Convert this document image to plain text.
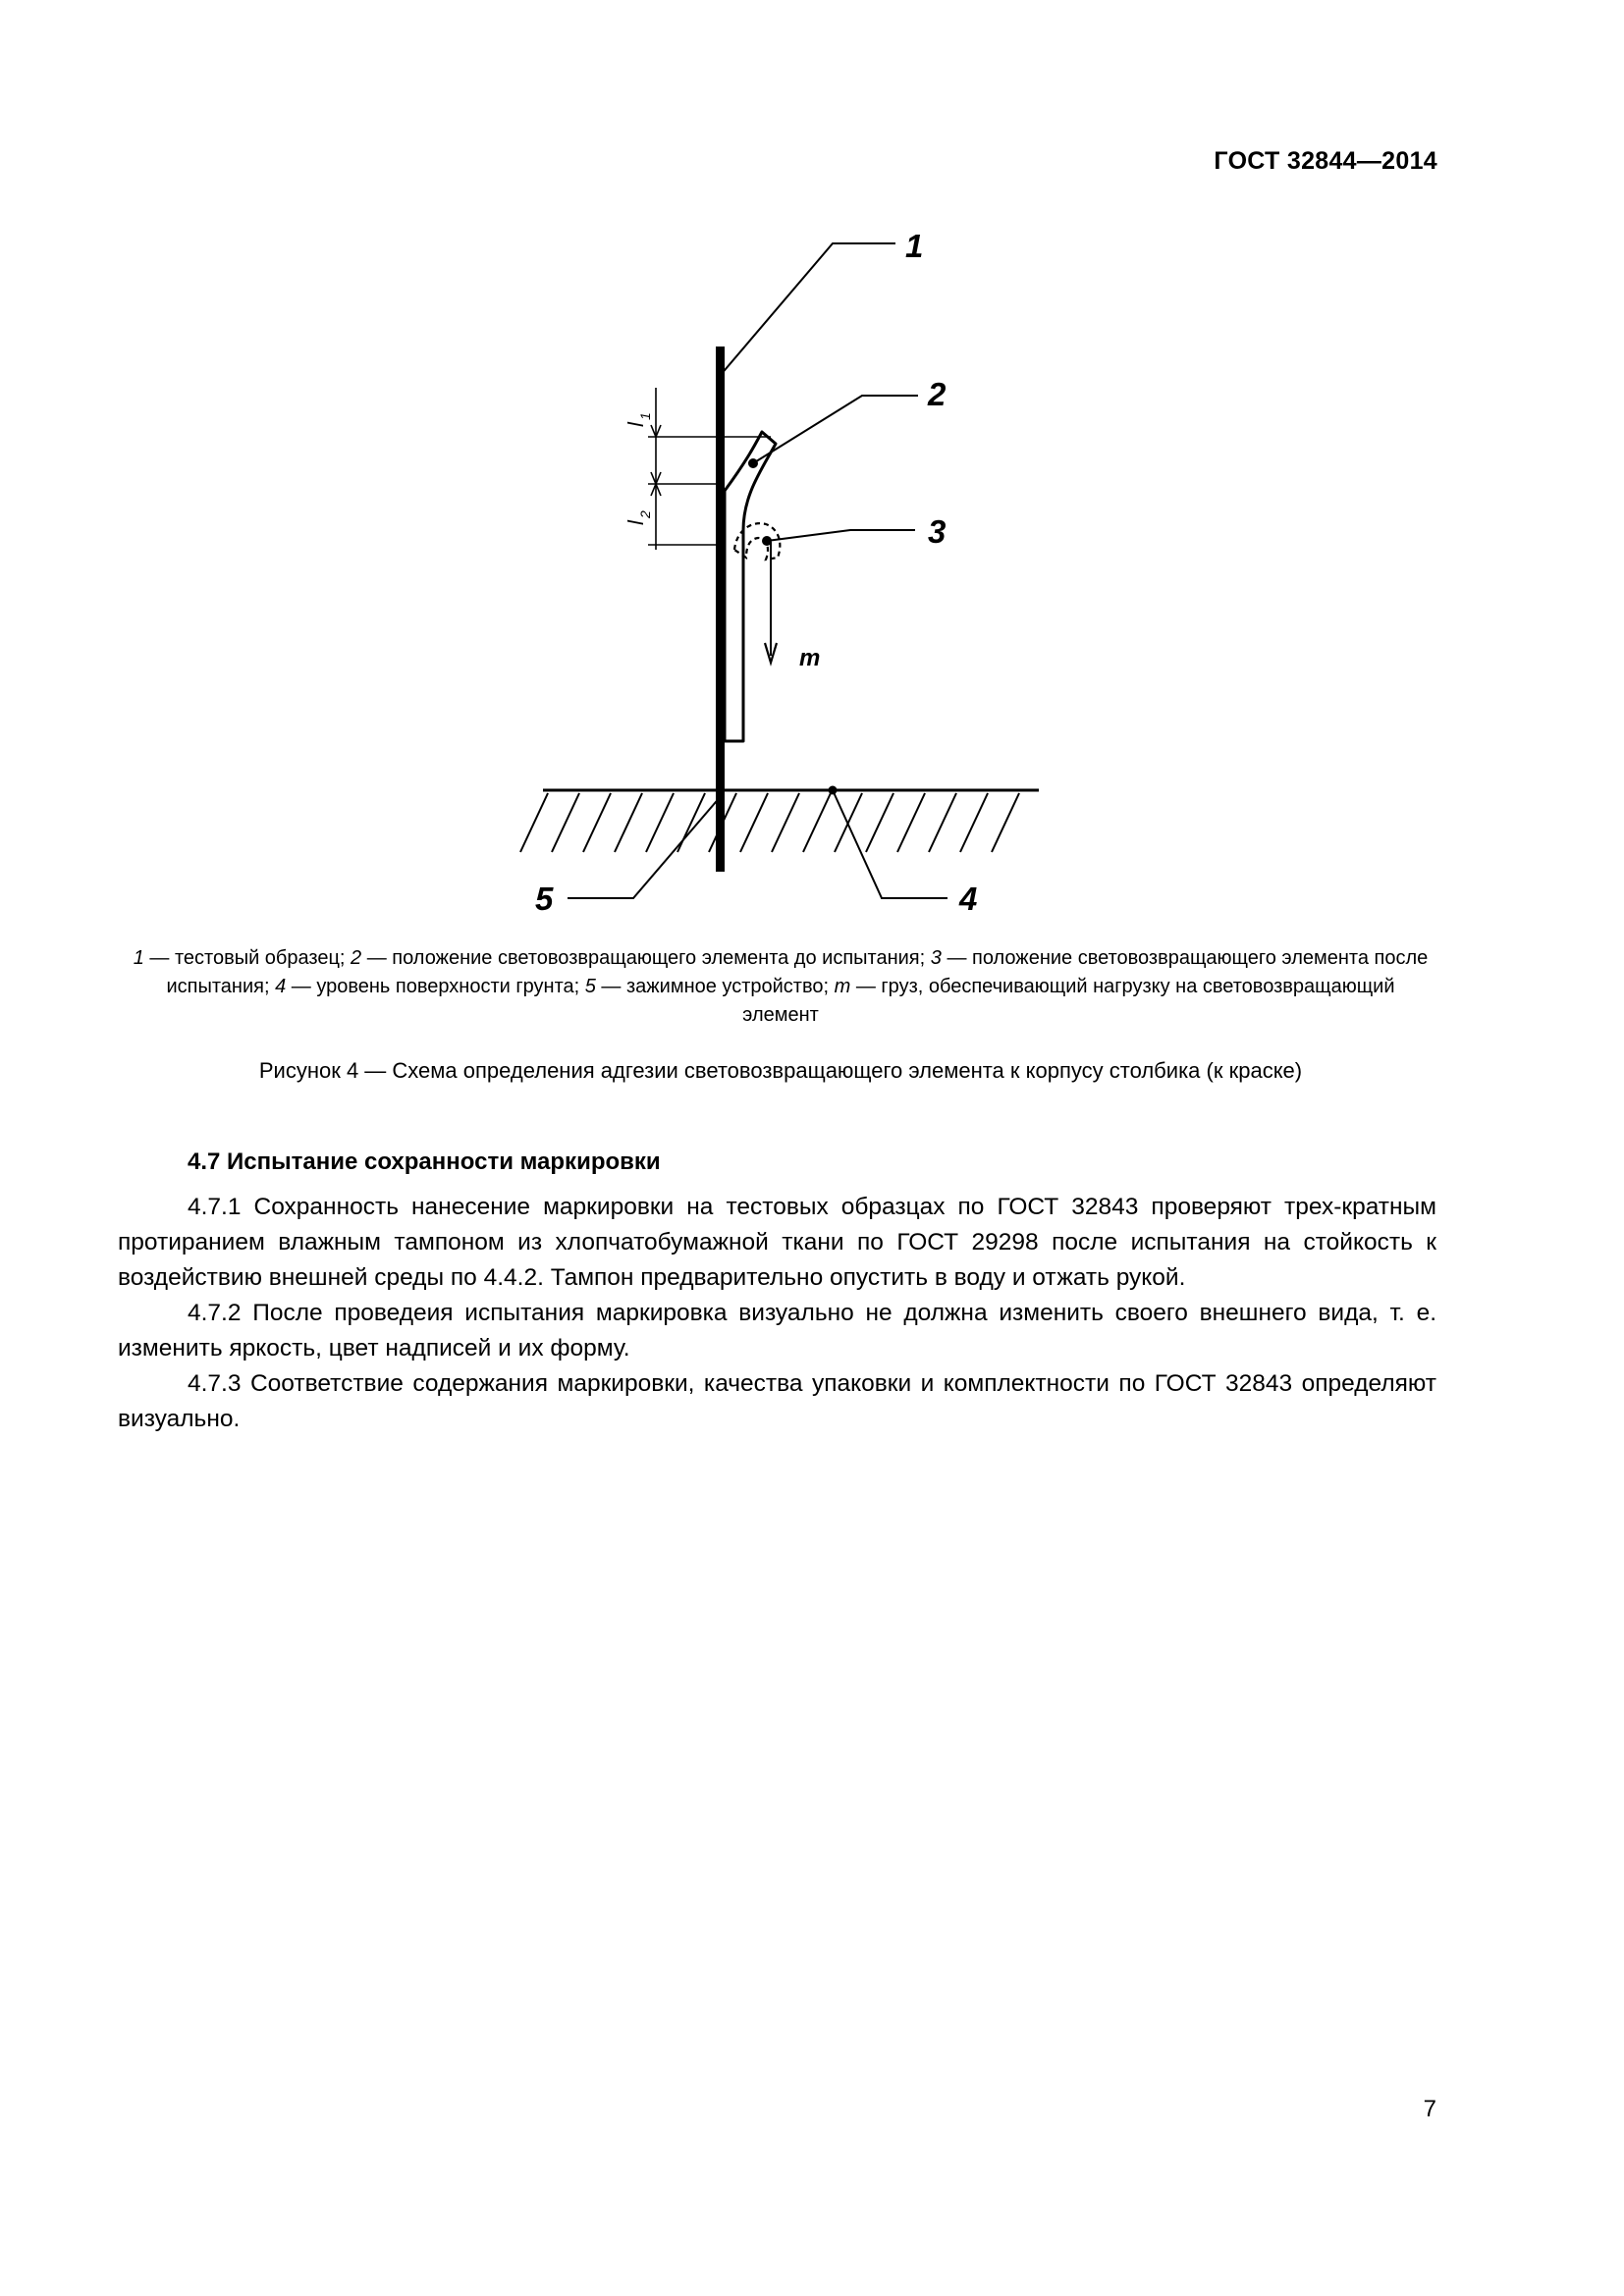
ГОСТ 32844—2014
1
2
3
4
5
m
l
1
l
2
1 — тестовый образец; 2 — положение световозвращающего элемента до испытания; 3 — положение световозвращающего элемента после испытания; 4 — уровень поверхности грунта; 5 — зажимное устройство; m — груз, обеспечивающий нагрузку на световозвращающий элемент
Рисунок 4 — Схема определения адгезии световозвращающего элемента к корпусу столбика (к краске)
4.7 Испытание сохранности маркировки

4.7.1 Сохранность нанесение маркировки на тестовых образцах по ГОСТ 32843 проверяют трех-кратным протиранием влажным тампоном из хлопчатобумажной ткани по ГОСТ 29298 после испытания на стойкость к воздействию внешней среды по 4.4.2. Тампон предварительно опустить в воду и отжать рукой.

4.7.2 После проведеия испытания маркировка визуально не должна изменить своего внешнего вида, т. е. изменить яркость, цвет надписей и их форму.

4.7.3 Соответствие содержания маркировки, качества упаковки и комплектности по ГОСТ 32843 определяют визуально.

7
